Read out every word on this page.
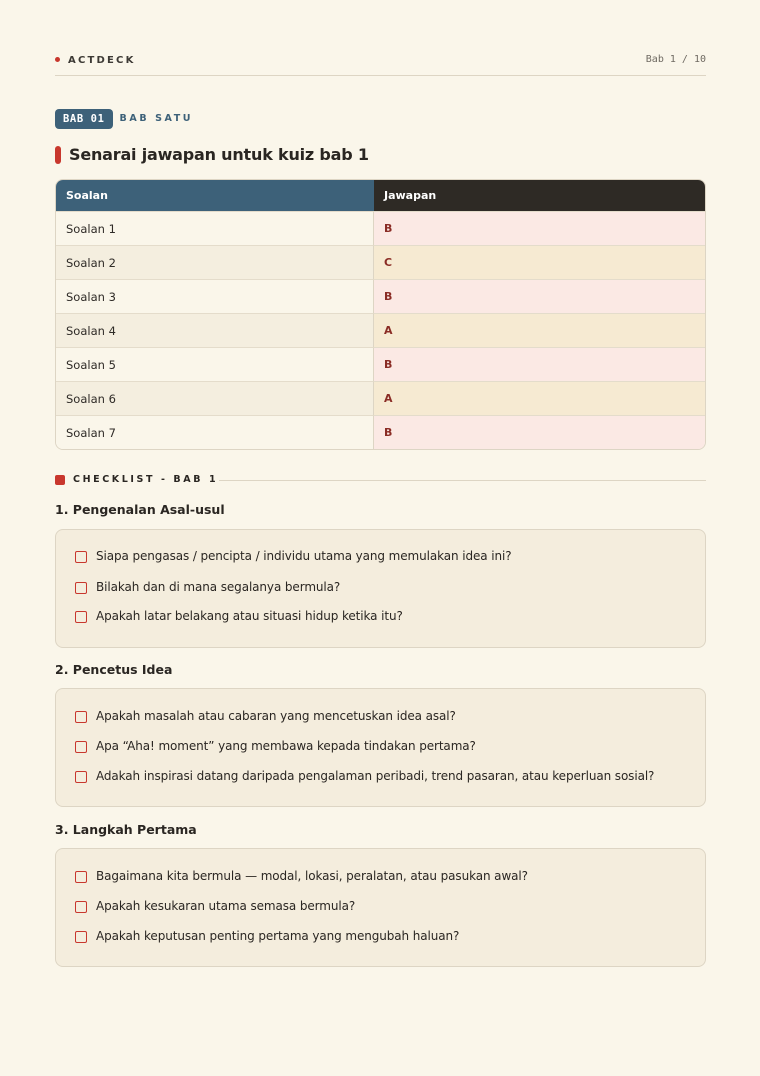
ACTDECK	Bab 1 / 10
BAB 01 BAB SATU
Senarai jawapan untuk kuiz bab 1
Soalan	Jawapan
Soalan 1	B
Soalan 2	C
Soalan 3	B
Soalan 4	A
Soalan 5	B
Soalan 6	A
Soalan 7	B
CHECKLIST - BAB 1
1. Pengenalan Asal-usul
Siapa pengasas / pencipta / individu utama yang memulakan idea ini?
Bilakah dan di mana segalanya bermula?
Apakah latar belakang atau situasi hidup ketika itu?
2. Pencetus Idea
Apakah masalah atau cabaran yang mencetuskan idea asal?
Apa “Aha! moment” yang membawa kepada tindakan pertama?
Adakah inspirasi datang daripada pengalaman peribadi, trend pasaran, atau keperluan sosial?
3. Langkah Pertama
Bagaimana kita bermula — modal, lokasi, peralatan, atau pasukan awal?
Apakah kesukaran utama semasa bermula?
Apakah keputusan penting pertama yang mengubah haluan?
